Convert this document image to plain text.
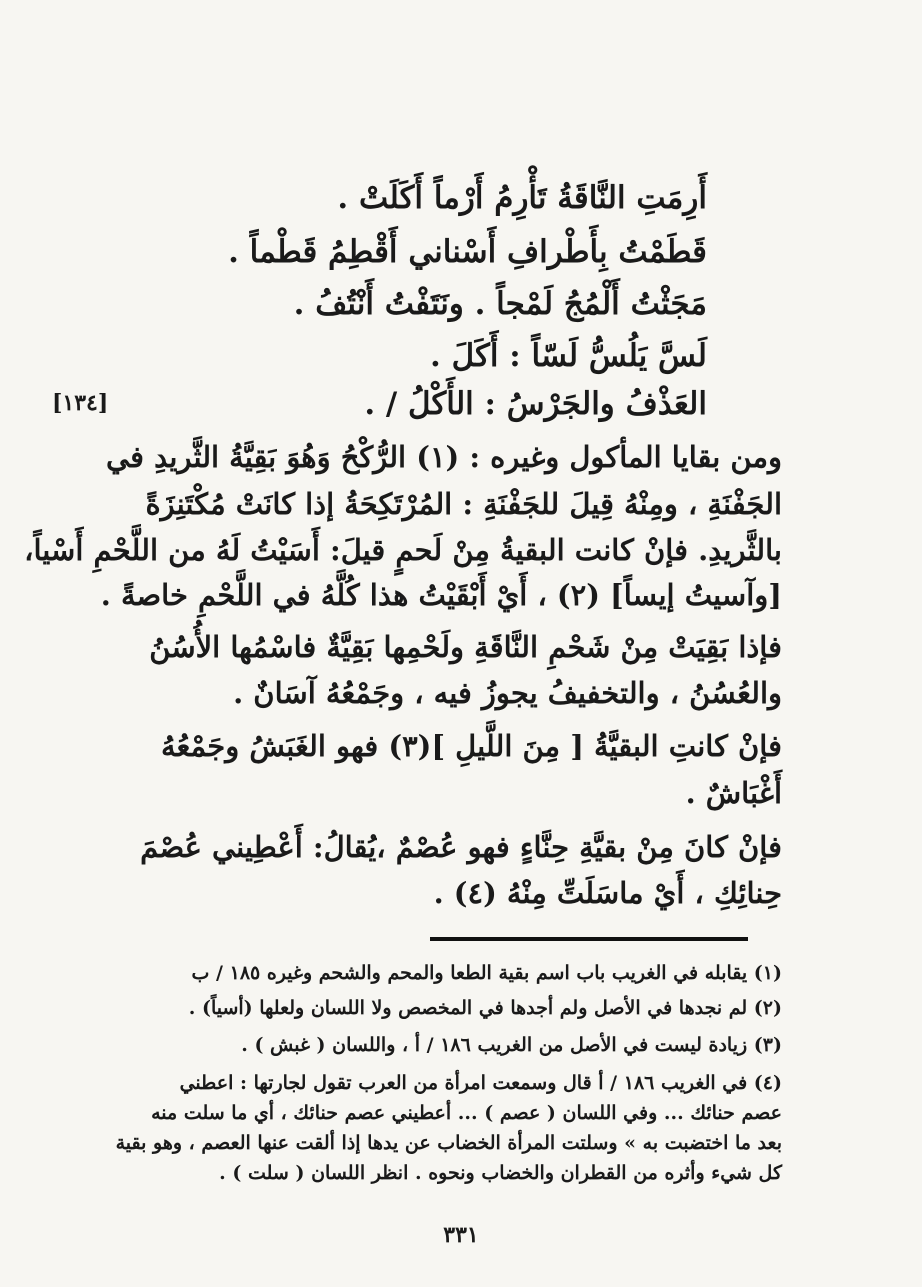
[١٣٤]
أَرِمَتِ النَّاقَةُ تَأْرِمُ أَرْماً أَكَلَتْ .
قَطَمْتُ بِأَطْرافِ أَسْناني أَقْطِمُ قَطْماً .
مَجَثْتُ أَلْمُجُ لَمْجاً . ونَتَفْتُ أَنْتُفُ .
لَسَّ يَلُسُّ لَسّاً : أَكَلَ .
العَذْفُ والجَرْسُ : الأَكْلُ / .
ومن بقايا المأكول وغيره : (١) الرُّكْحُ وَهُوَ بَقِيَّةُ الثَّريدِ في
الجَفْنَةِ ، ومِنْهُ قِيلَ للجَفْنَةِ : المُرْتَكِحَةُ إذا كانَتْ مُكْتَنِزَةً
بالثَّريدِ. فإنْ كانت البقيةُ مِنْ لَحمٍ قيلَ: أَسَيْتُ لَهُ من اللَّحْمِ أَسْياً،
[وآسيتُ إيساً] (٢) ، أَيْ أَبْقَيْتُ هذا كُلَّهُ في اللَّحْمِ خاصةً .
فإذا بَقِيَتْ مِنْ شَحْمِ النَّاقَةِ ولَحْمِها بَقِيَّةٌ فاسْمُها الأُسُنُ
والعُسُنُ ، والتخفيفُ يجوزُ فيه ، وجَمْعُهُ آسَانٌ .
فإنْ كانتِ البقيَّةُ [ مِنَ اللَّيلِ ](٣) فهو الغَبَشُ وجَمْعُهُ
أَغْبَاشٌ .
فإنْ كانَ مِنْ بقيَّةِ حِنَّاءٍ فهو عُصْمٌ ،يُقالُ: أَعْطِيني عُصْمَ
حِنائِكِ ، أَيْ ماسَلَتِّ مِنْهُ (٤) .
(١) يقابله في الغريب باب اسم بقية الطعا والمحم والشحم وغيره ١٨٥ / ب
(٢) لم نجدها في الأصل ولم أجدها في المخصص ولا اللسان ولعلها (أسياً) .
(٣) زيادة ليست في الأصل من الغريب ١٨٦ / أ ، واللسان ( غبش ) .
(٤) في الغريب ١٨٦ / أ قال وسمعت امرأة من العرب تقول لجارتها : اعطني
عصم حنائك ... وفي اللسان ( عصم ) ... أعطيني عصم حنائك ، أي ما سلت منه
بعد ما اختضبت به » وسلتت المرأة الخضاب عن يدها إذا ألقت عنها العصم ، وهو بقية
كل شيء وأثره من القطران والخضاب ونحوه . انظر اللسان ( سلت ) .
٣٣١
